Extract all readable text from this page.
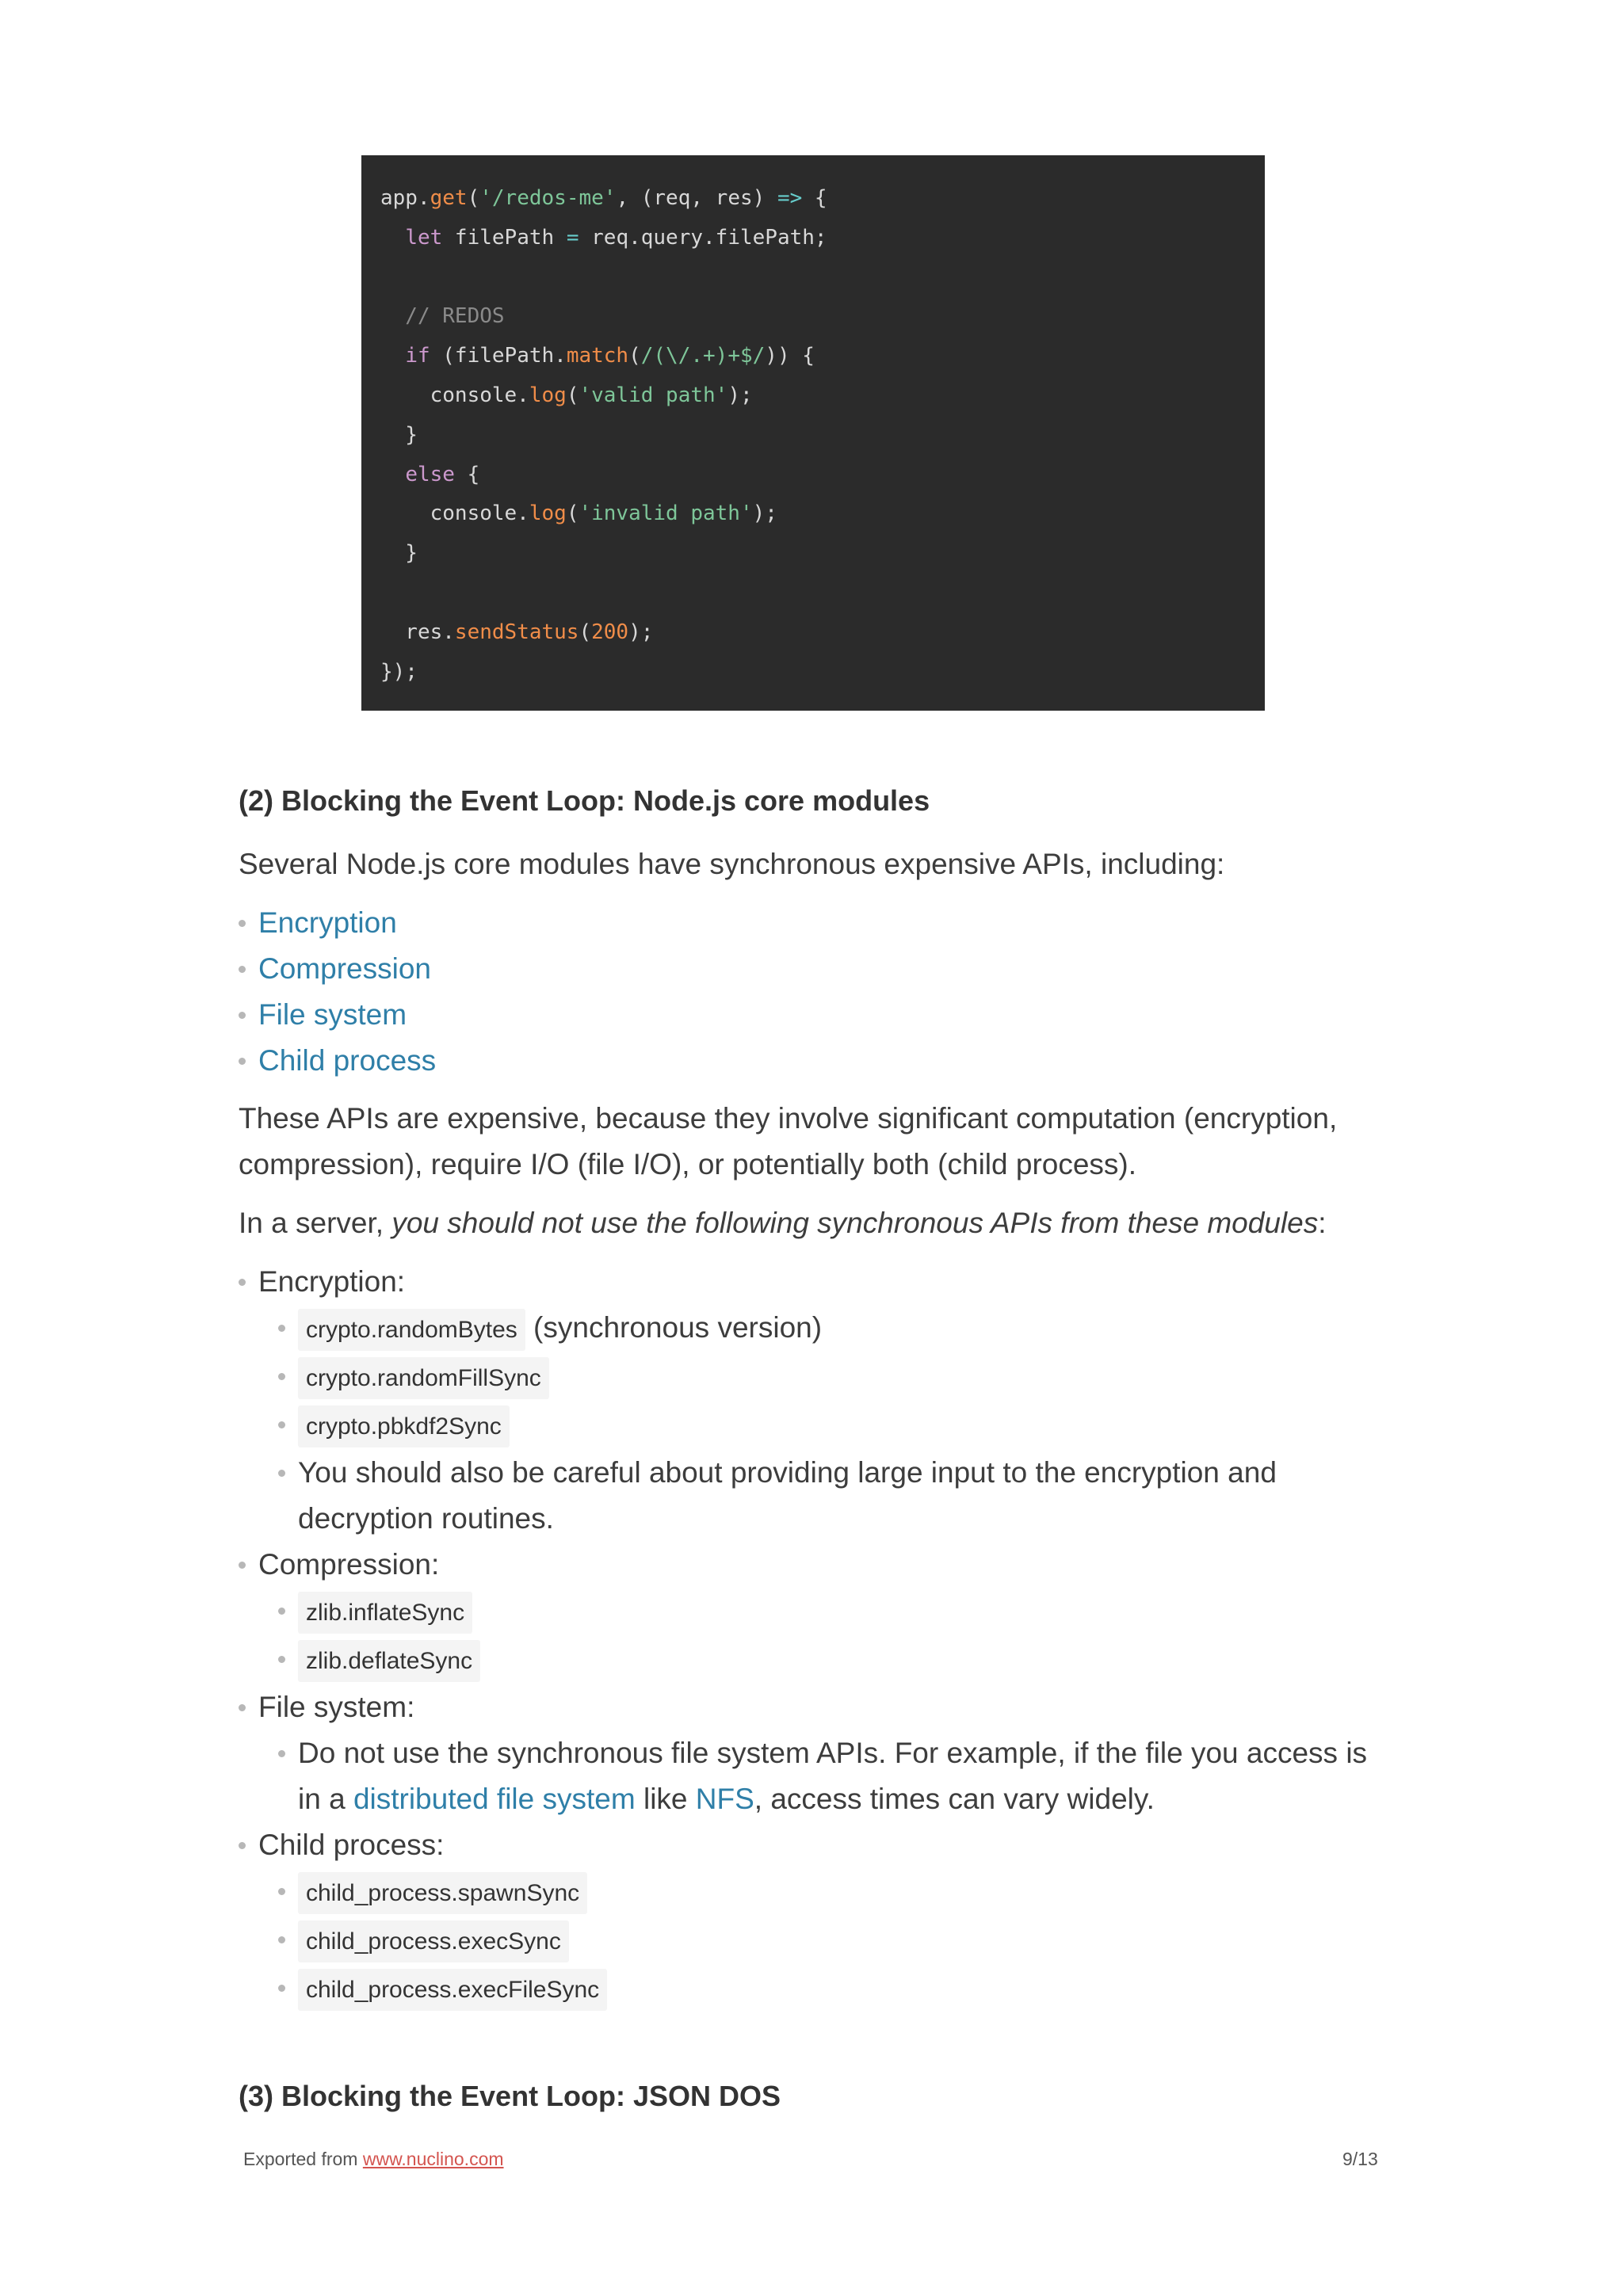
app.get('/redos-me', (req, res) => {
let filePath = req.query.filePath;
// REDOS
if (filePath.match(/(\/.+)+$/)) {
console.log('valid path');
}
else {
console.log('invalid path');
}
res.sendStatus(200);
});
(2) Blocking the Event Loop: Node.js core modules

Several Node.js core modules have synchronous expensive APIs, including:

Encryption
Compression
File system
Child process

These APIs are expensive, because they involve significant computation (encryption, compression), require I/O (file I/O), or potentially both (child process).

In a server, you should not use the following synchronous APIs from these modules:

Encryption:
crypto.randomBytes (synchronous version)
crypto.randomFillSync
crypto.pbkdf2Sync
You should also be careful about providing large input to the encryption and decryption routines.
Compression:
zlib.inflateSync
zlib.deflateSync
File system:
Do not use the synchronous file system APIs. For example, if the file you access is in a distributed file system like NFS, access times can vary widely.
Child process:
child_process.spawnSync
child_process.execSync
child_process.execFileSync
(3) Blocking the Event Loop: JSON DOS
Exported from www.nuclino.com	9/13
